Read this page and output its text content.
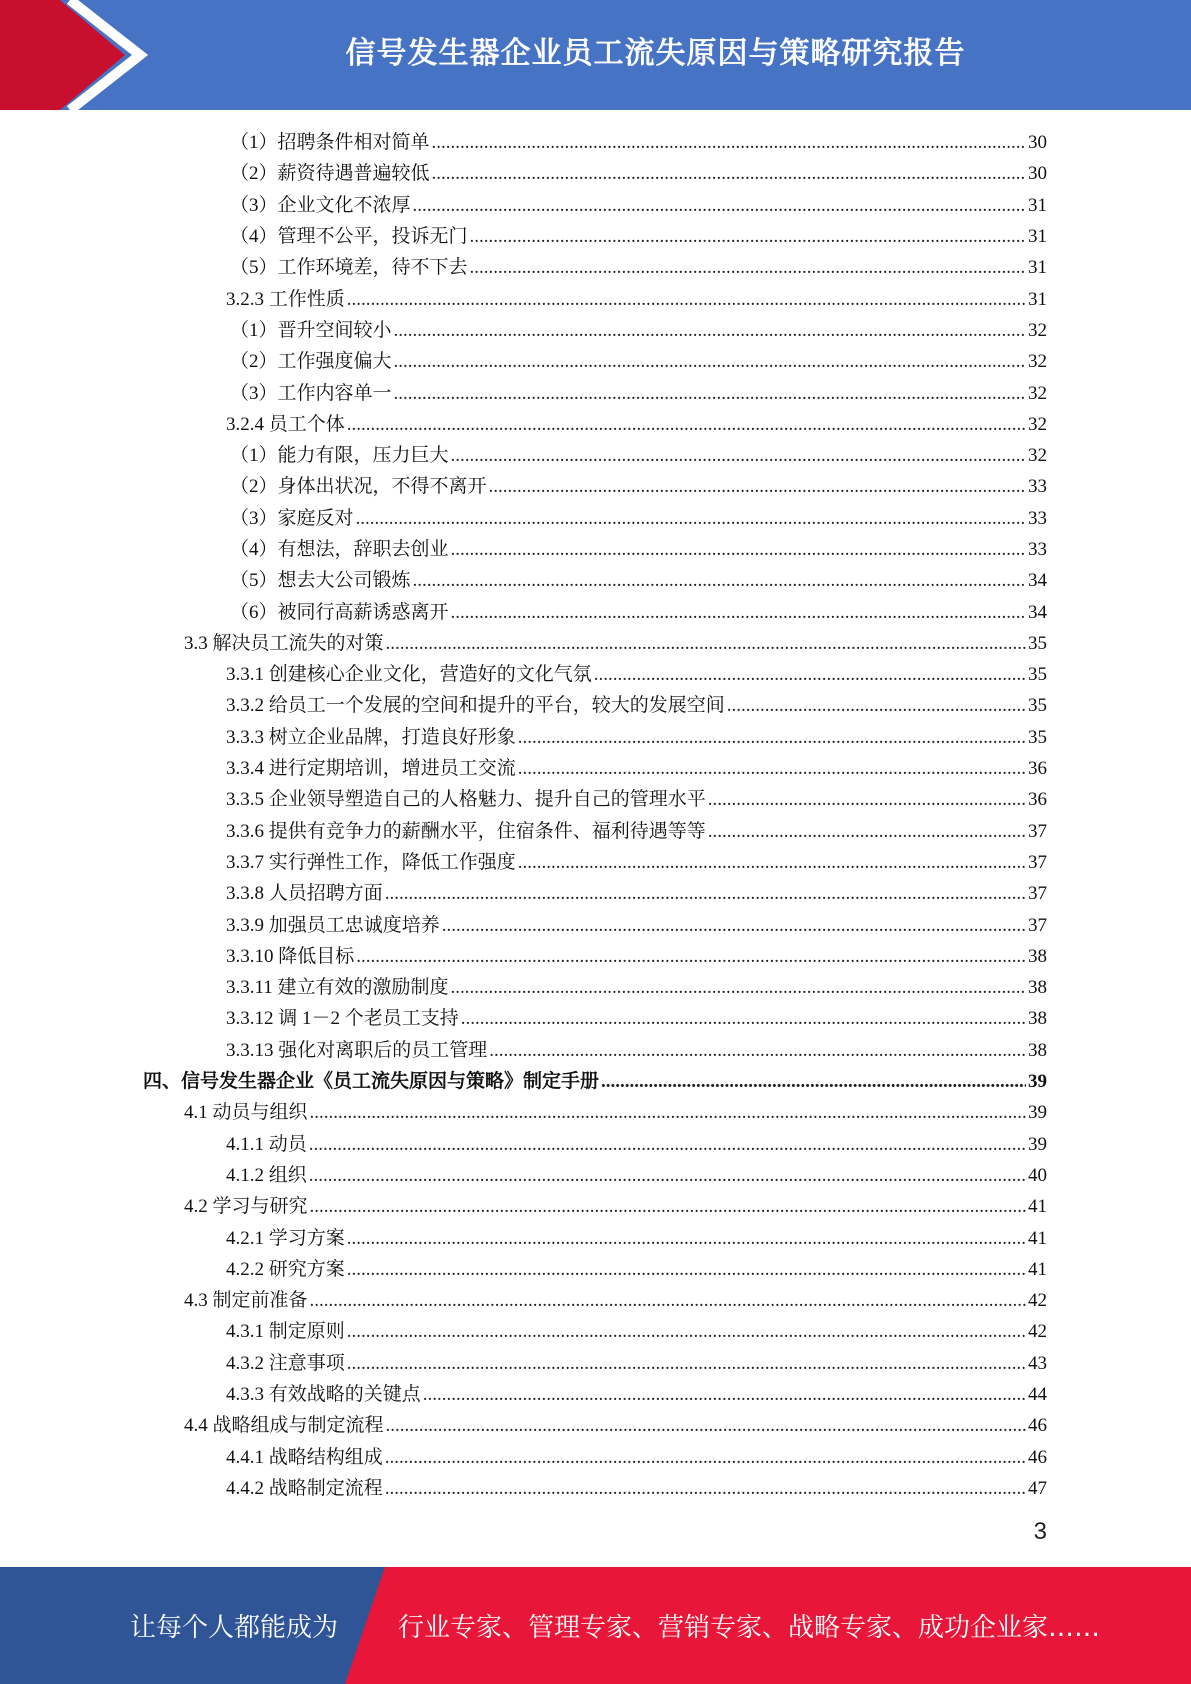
信号发生器企业员工流失原因与策略研究报告
（1）招聘条件相对简单 .....	30
（2）薪资待遇普遍较低 .....	30
（3）企业文化不浓厚 .....	31
（4）管理不公平，投诉无门 .....	31
（5）工作环境差，待不下去 .....	31
3.2.3 工作性质 .....	31
（1）晋升空间较小 .....	32
（2）工作强度偏大 .....	32
（3）工作内容单一 .....	32
3.2.4 员工个体 .....	32
（1）能力有限，压力巨大 .....	32
（2）身体出状况，不得不离开 .....	33
（3）家庭反对 .....	33
（4）有想法，辞职去创业 .....	33
（5）想去大公司锻炼 .....	34
（6）被同行高薪诱惑离开 .....	34
3.3 解决员工流失的对策 .....	35
3.3.1 创建核心企业文化，营造好的文化气氛 .....	35
3.3.2 给员工一个发展的空间和提升的平台，较大的发展空间 .....	35
3.3.3 树立企业品牌，打造良好形象 .....	35
3.3.4 进行定期培训，增进员工交流 .....	36
3.3.5 企业领导塑造自己的人格魅力、提升自己的管理水平 .....	36
3.3.6 提供有竞争力的薪酬水平，住宿条件、福利待遇等等 .....	37
3.3.7 实行弹性工作，降低工作强度 .....	37
3.3.8 人员招聘方面 .....	37
3.3.9 加强员工忠诚度培养 .....	37
3.3.10 降低目标 .....	38
3.3.11 建立有效的激励制度 .....	38
3.3.12 调 1－2 个老员工支持 .....	38
3.3.13 强化对离职后的员工管理 .....	38
四、信号发生器企业《员工流失原因与策略》制定手册 .....	39
4.1 动员与组织 .....	39
4.1.1 动员 .....	39
4.1.2 组织 .....	40
4.2 学习与研究 .....	41
4.2.1 学习方案 .....	41
4.2.2 研究方案 .....	41
4.3 制定前准备 .....	42
4.3.1 制定原则 .....	42
4.3.2 注意事项 .....	43
4.3.3 有效战略的关键点 .....	44
4.4 战略组成与制定流程 .....	46
4.4.1 战略结构组成 .....	46
4.4.2 战略制定流程 .....	47
3
让每个人都能成为 行业专家、管理专家、营销专家、战略专家、成功企业家……
